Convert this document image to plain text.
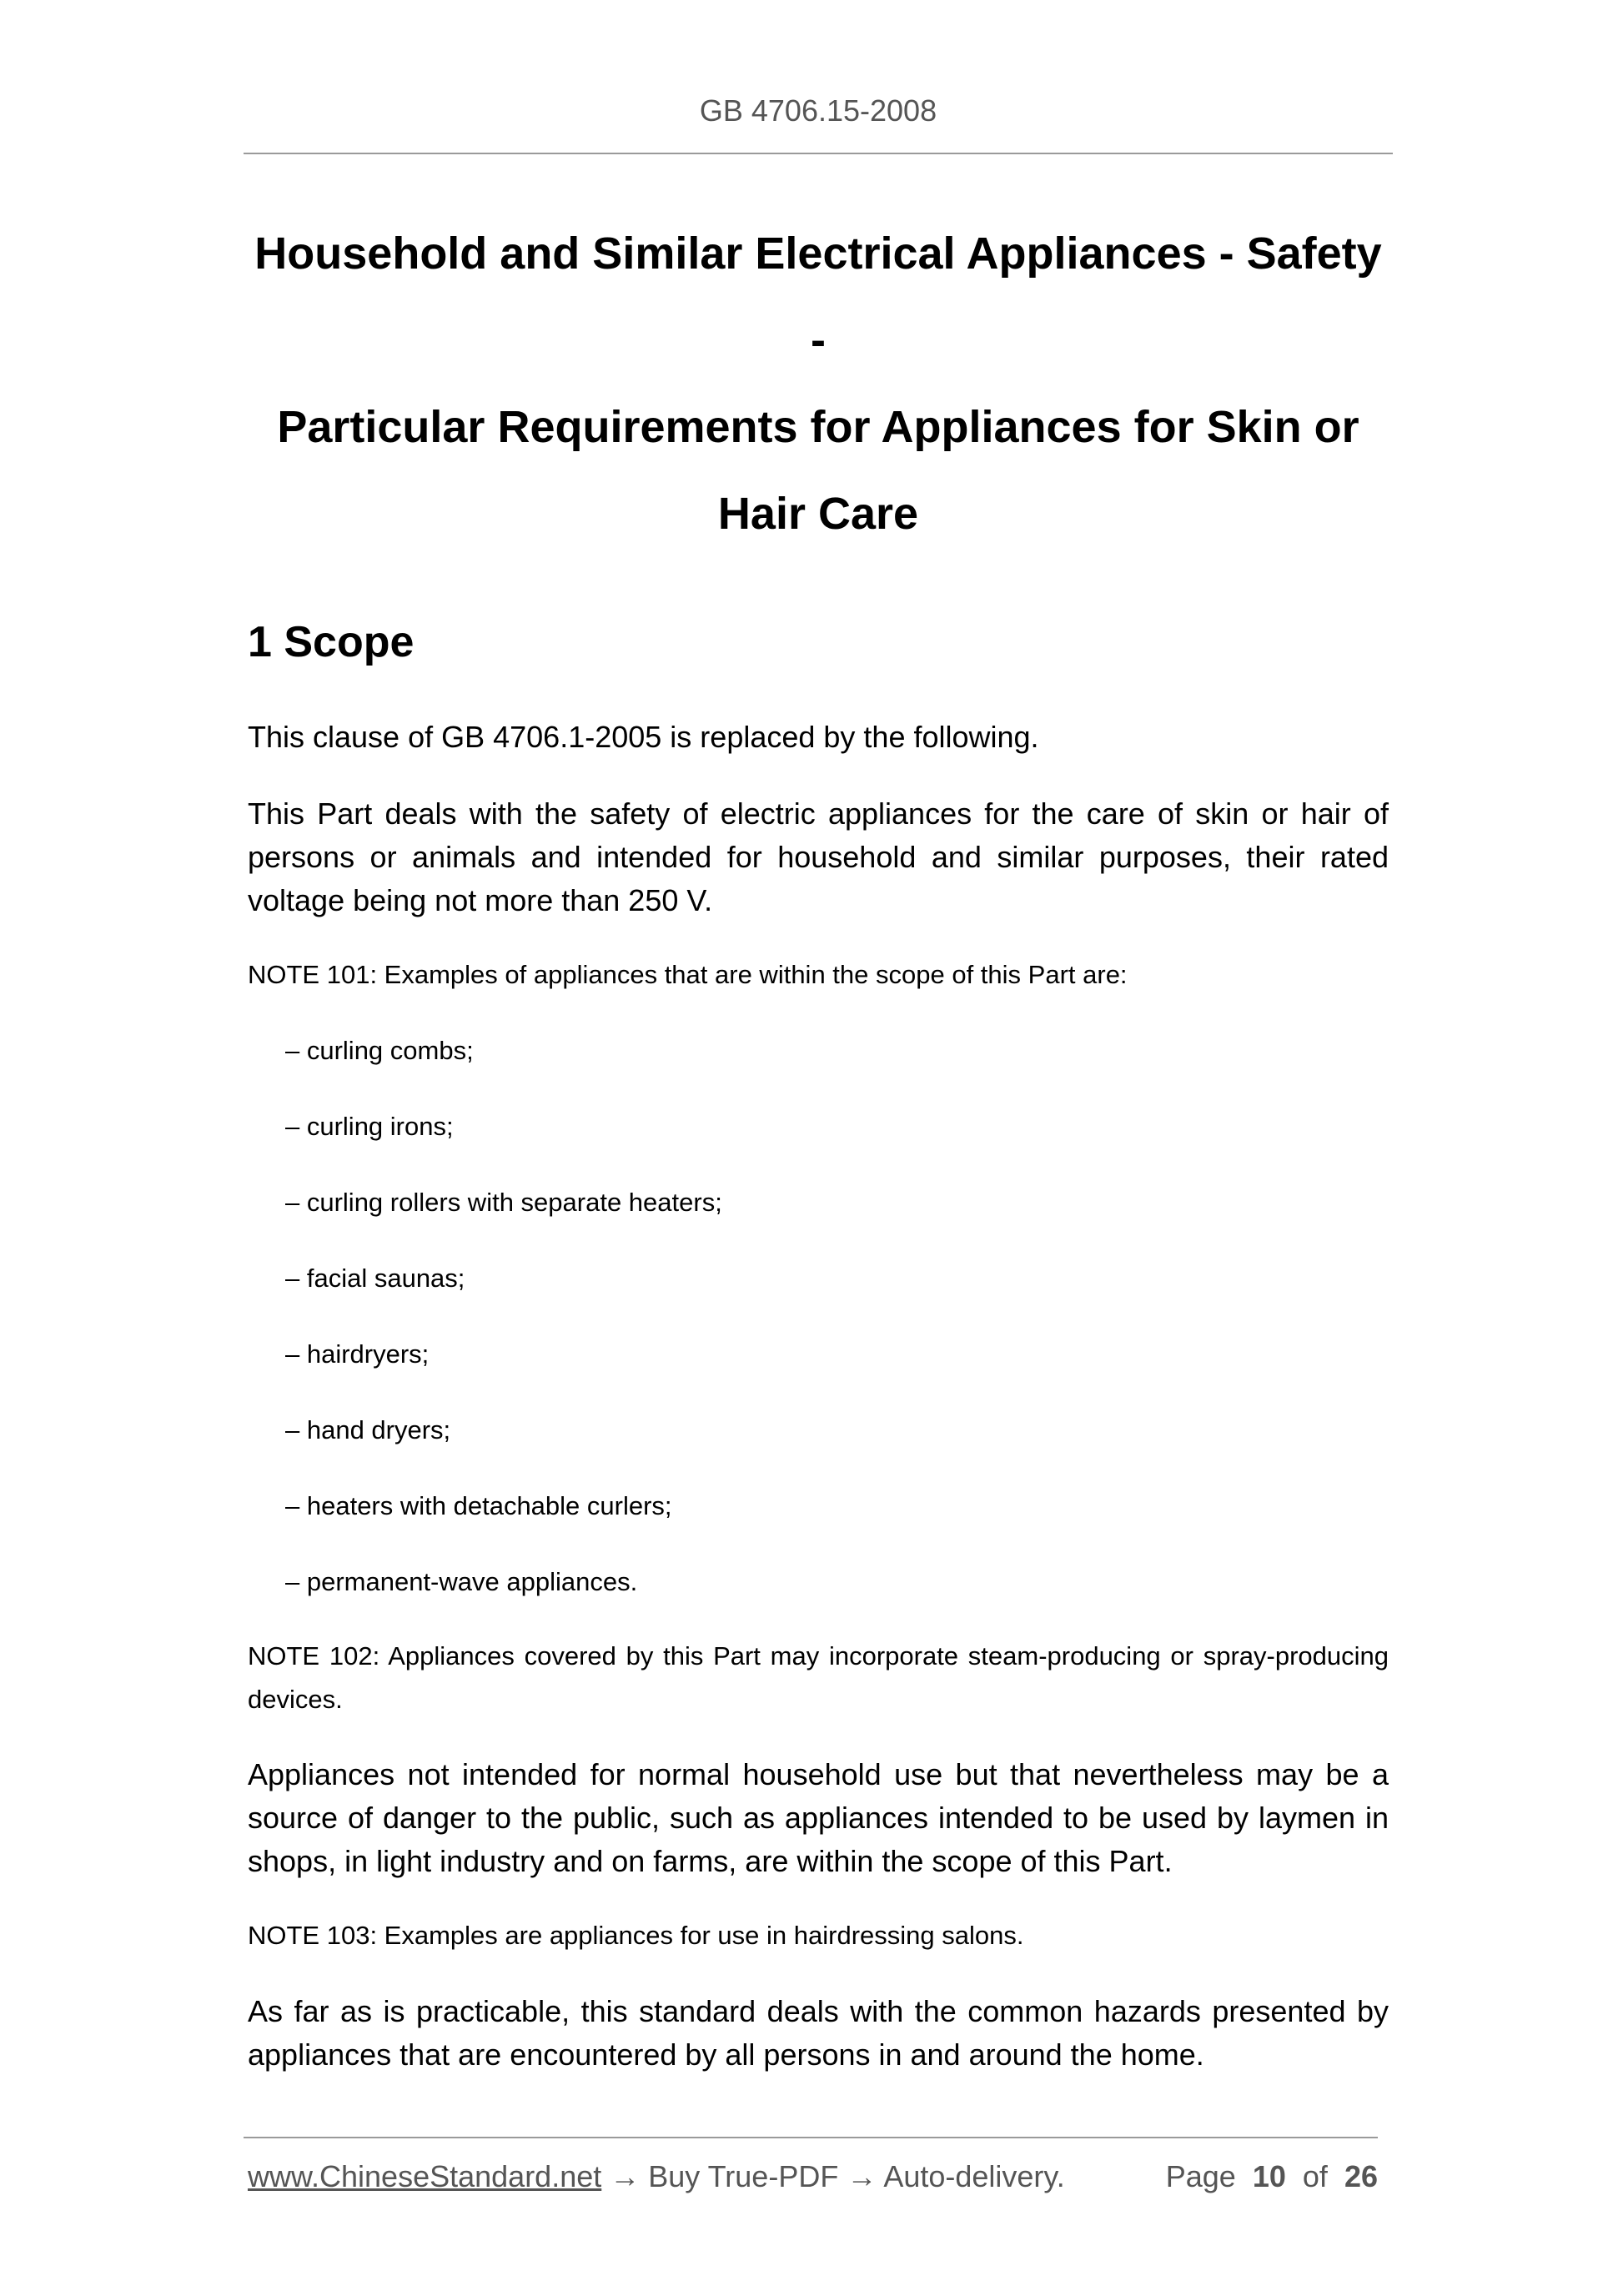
GB 4706.15-2008
Household and Similar Electrical Appliances - Safety -
Particular Requirements for Appliances for Skin or
Hair Care
1 Scope

This clause of GB 4706.1-2005 is replaced by the following.

This Part deals with the safety of electric appliances for the care of skin or hair of persons or animals and intended for household and similar purposes, their rated voltage being not more than 250 V.

NOTE 101: Examples of appliances that are within the scope of this Part are:

– curling combs;
– curling irons;
– curling rollers with separate heaters;
– facial saunas;
– hairdryers;
– hand dryers;
– heaters with detachable curlers;
– permanent-wave appliances.

NOTE 102: Appliances covered by this Part may incorporate steam-producing or spray-producing devices.

Appliances not intended for normal household use but that nevertheless may be a source of danger to the public, such as appliances intended to be used by laymen in shops, in light industry and on farms, are within the scope of this Part.

NOTE 103: Examples are appliances for use in hairdressing salons.

As far as is practicable, this standard deals with the common hazards presented by appliances that are encountered by all persons in and around the home.

www.ChineseStandard.net → Buy True-PDF → Auto-delivery.	Page 10 of 26
